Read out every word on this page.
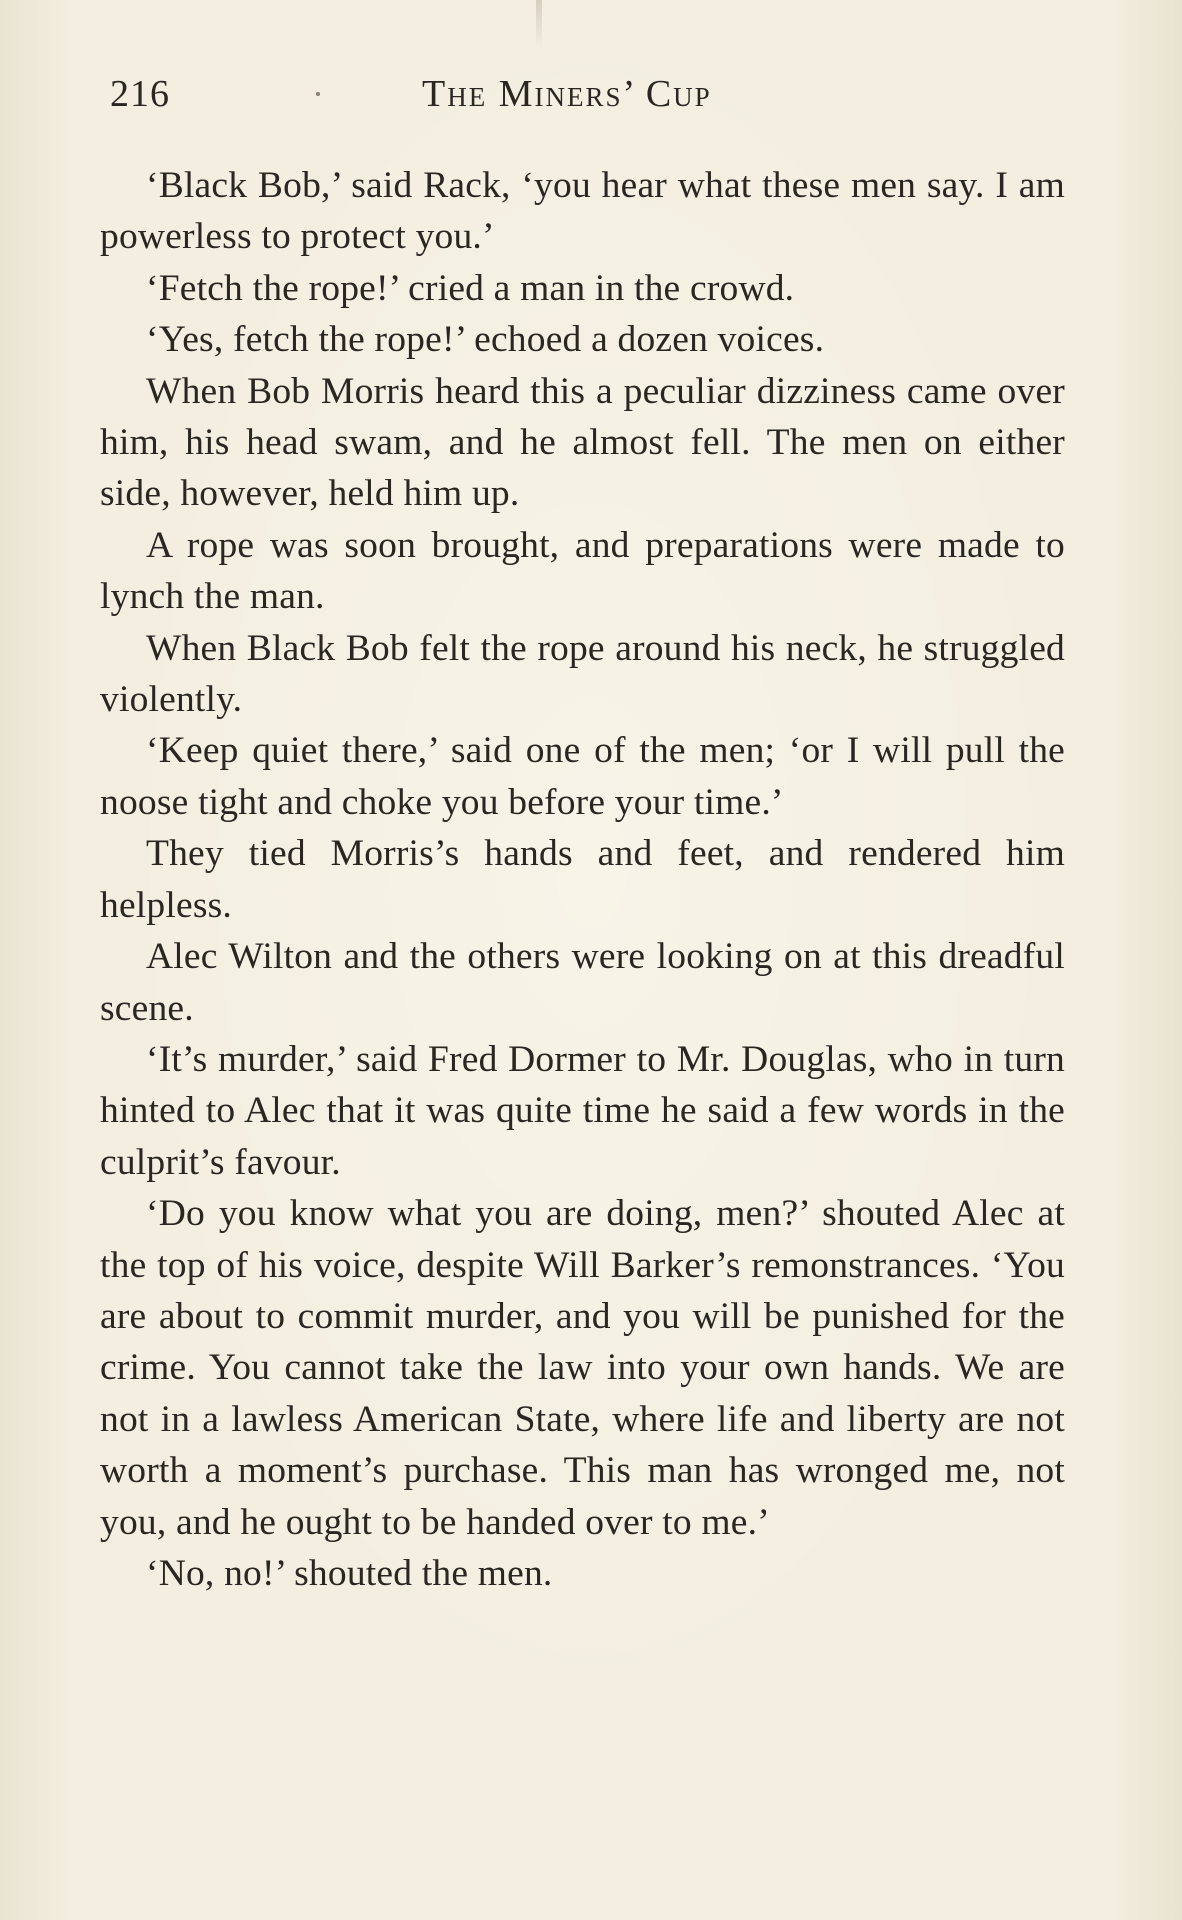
216	The Miners’ Cup

‘Black Bob,’ said Rack, ‘you hear what these men say. I am powerless to protect you.’

‘Fetch the rope!’ cried a man in the crowd.

‘Yes, fetch the rope!’ echoed a dozen voices.

When Bob Morris heard this a peculiar dizziness came over him, his head swam, and he almost fell. The men on either side, however, held him up.

A rope was soon brought, and preparations were made to lynch the man.

When Black Bob felt the rope around his neck, he struggled violently.

‘Keep quiet there,’ said one of the men; ‘or I will pull the noose tight and choke you before your time.’

They tied Morris’s hands and feet, and rendered him helpless.

Alec Wilton and the others were looking on at this dreadful scene.

‘It’s murder,’ said Fred Dormer to Mr. Douglas, who in turn hinted to Alec that it was quite time he said a few words in the culprit’s favour.

‘Do you know what you are doing, men?’ shouted Alec at the top of his voice, despite Will Barker’s remonstrances. ‘You are about to commit murder, and you will be punished for the crime. You cannot take the law into your own hands. We are not in a lawless American State, where life and liberty are not worth a moment’s purchase. This man has wronged me, not you, and he ought to be handed over to me.’

‘No, no!’ shouted the men.
